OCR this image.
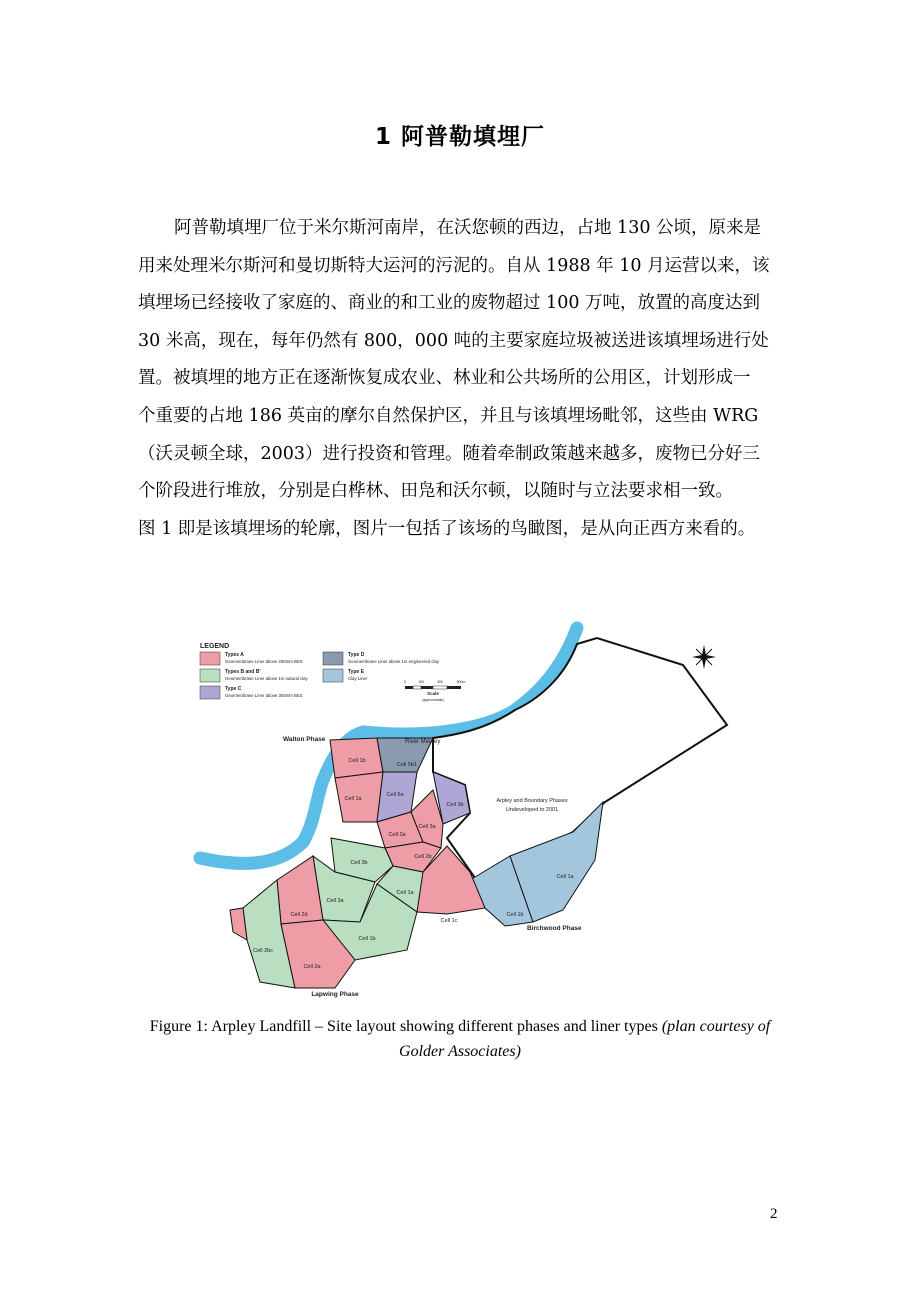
1 阿普勒填埋厂
阿普勒填埋厂位于米尔斯河南岸，在沃您顿的西边，占地 130 公顷，原来是
用来处理米尔斯河和曼切斯特大运河的污泥的。自从 1988 年 10 月运营以来，该
填埋场已经接收了家庭的、商业的和工业的废物超过 100 万吨，放置的高度达到
30 米高，现在，每年仍然有 800，000 吨的主要家庭垃圾被送进该填埋场进行处
置。被填埋的地方正在逐渐恢复成农业、林业和公共场所的公用区，计划形成一
个重要的占地 186 英亩的摩尔自然保护区，并且与该填埋场毗邻，这些由 WRG
（沃灵顿全球，2003）进行投资和管理。随着牵制政策越来越多，废物已分好三
个阶段进行堆放，分别是白桦林、田凫和沃尔顿，以随时与立法要求相一致。
图 1 即是该填埋场的轮廓，图片一包括了该场的鸟瞰图，是从向正西方来看的。
LEGEND
Types A
Geomembrane Liner above 200mm BES
Types B and B'
Geomembrane Liner above 1m natural clay
Type C
Geomembrane Liner above 300mm BES
Type D
Geomembrane Liner above 1m engineered clay
Type E
Clay Liner
0	100	300	500m
Scale
(approximate)
Walton Phase	River Mersey
Arpley and Boundary Phases
Undeveloped to 2001
Birchwood Phase
Lapwing Phase
Cell 1b
Cell 5b1
Cell 1a
Cell 6a
Cell 3b
Cell 2a
Cell 3a
Cell 2b
Cell 3b
Cell 1a
Cell 3a
Cell 2d
Cell 1c
Cell 2bc
Cell 1b
Cell 2a
Cell 1a
Cell 1b
Figure 1: Arpley Landfill – Site layout showing different phases and liner types (plan courtesy of
Golder Associates)
2
